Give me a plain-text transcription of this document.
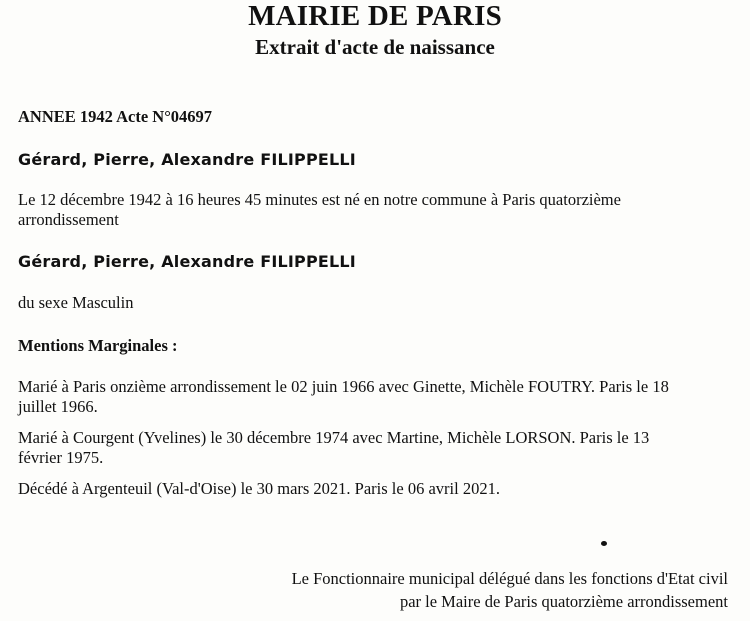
MAIRIE DE PARIS
Extrait d'acte de naissance
ANNEE 1942 Acte N°04697
Gérard, Pierre, Alexandre FILIPPELLI
Le 12 décembre 1942 à 16 heures 45 minutes est né en notre commune à Paris quatorzième
arrondissement
Gérard, Pierre, Alexandre FILIPPELLI
du sexe Masculin
Mentions Marginales :
Marié à Paris onzième arrondissement le 02 juin 1966 avec Ginette, Michèle FOUTRY. Paris le 18
juillet 1966.
Marié à Courgent (Yvelines) le 30 décembre 1974 avec Martine, Michèle LORSON. Paris le 13
février 1975.
Décédé à Argenteuil (Val-d'Oise) le 30 mars 2021. Paris le 06 avril 2021.
Le Fonctionnaire municipal délégué dans les fonctions d'Etat civil
par le Maire de Paris quatorzième arrondissement
